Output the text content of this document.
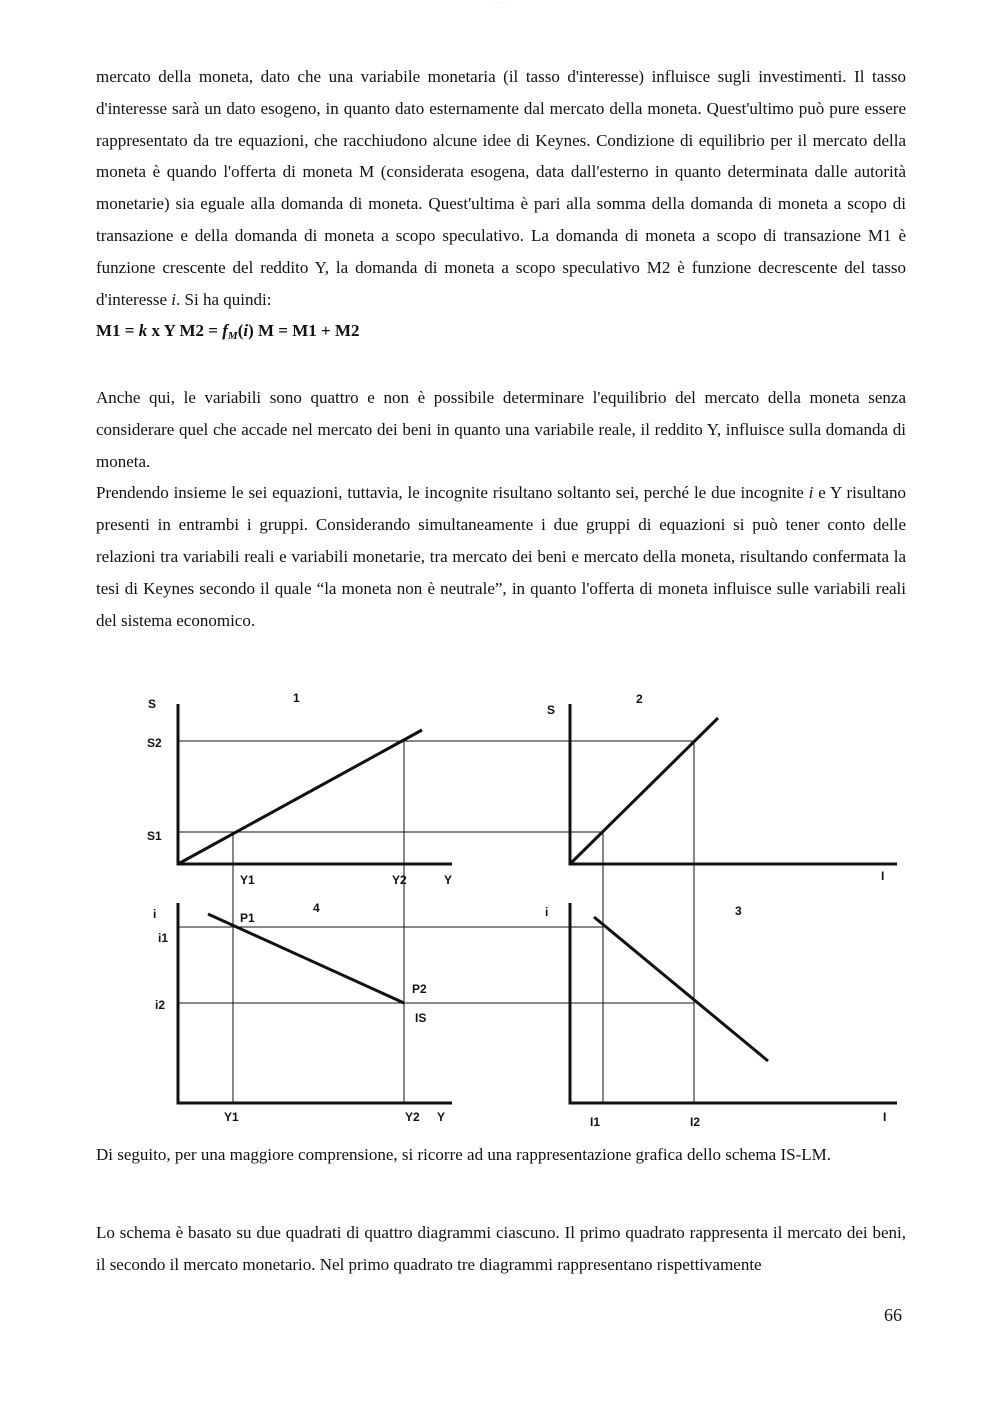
· · · · ·

mercato della moneta, dato che una variabile monetaria (il tasso d'interesse) influisce sugli investimenti. Il tasso d'interesse sarà un dato esogeno, in quanto dato esternamente dal mercato della moneta. Quest'ultimo può pure essere rappresentato da tre equazioni, che racchiudono alcune idee di Keynes. Condizione di equilibrio per il mercato della moneta è quando l'offerta di moneta M (considerata esogena, data dall'esterno in quanto determinata dalle autorità monetarie) sia eguale alla domanda di moneta. Quest'ultima è pari alla somma della domanda di moneta a scopo di transazione e della domanda di moneta a scopo speculativo. La domanda di moneta a scopo di transazione M1 è funzione crescente del reddito Y, la domanda di moneta a scopo speculativo M2 è funzione decrescente del tasso d'interesse i. Si ha quindi:

M1 = k x Y $M2 = f_M(i) M = M1 + M2$

Anche qui, le variabili sono quattro e non è possibile determinare l'equilibrio del mercato della moneta senza considerare quel che accade nel mercato dei beni in quanto una variabile reale, il reddito Y, influisce sulla domanda di moneta.

Prendendo insieme le sei equazioni, tuttavia, le incognite risultano soltanto sei, perché le due incognite i e Y risultano presenti in entrambi i gruppi. Considerando simultaneamente i due gruppi di equazioni si può tener conto delle relazioni tra variabili reali e variabili monetarie, tra mercato dei beni e mercato della moneta, risultando confermata la tesi di Keynes secondo il quale “la moneta non è neutrale”, in quanto l'offerta di moneta influisce sulle variabili reali del sistema economico.

S	1
S2
S1
Y1	Y2	Y
S
2
I
i	4
P1
i1
i2
P2
IS
Y1	Y2 Y
i	3
I1	I2	I

Di seguito, per una maggiore comprensione, si ricorre ad una rappresentazione grafica dello schema IS-LM.

Lo schema è basato su due quadrati di quattro diagrammi ciascuno. Il primo quadrato rappresenta il mercato dei beni, il secondo il mercato monetario. Nel primo quadrato tre diagrammi rappresentano rispettivamente

66
